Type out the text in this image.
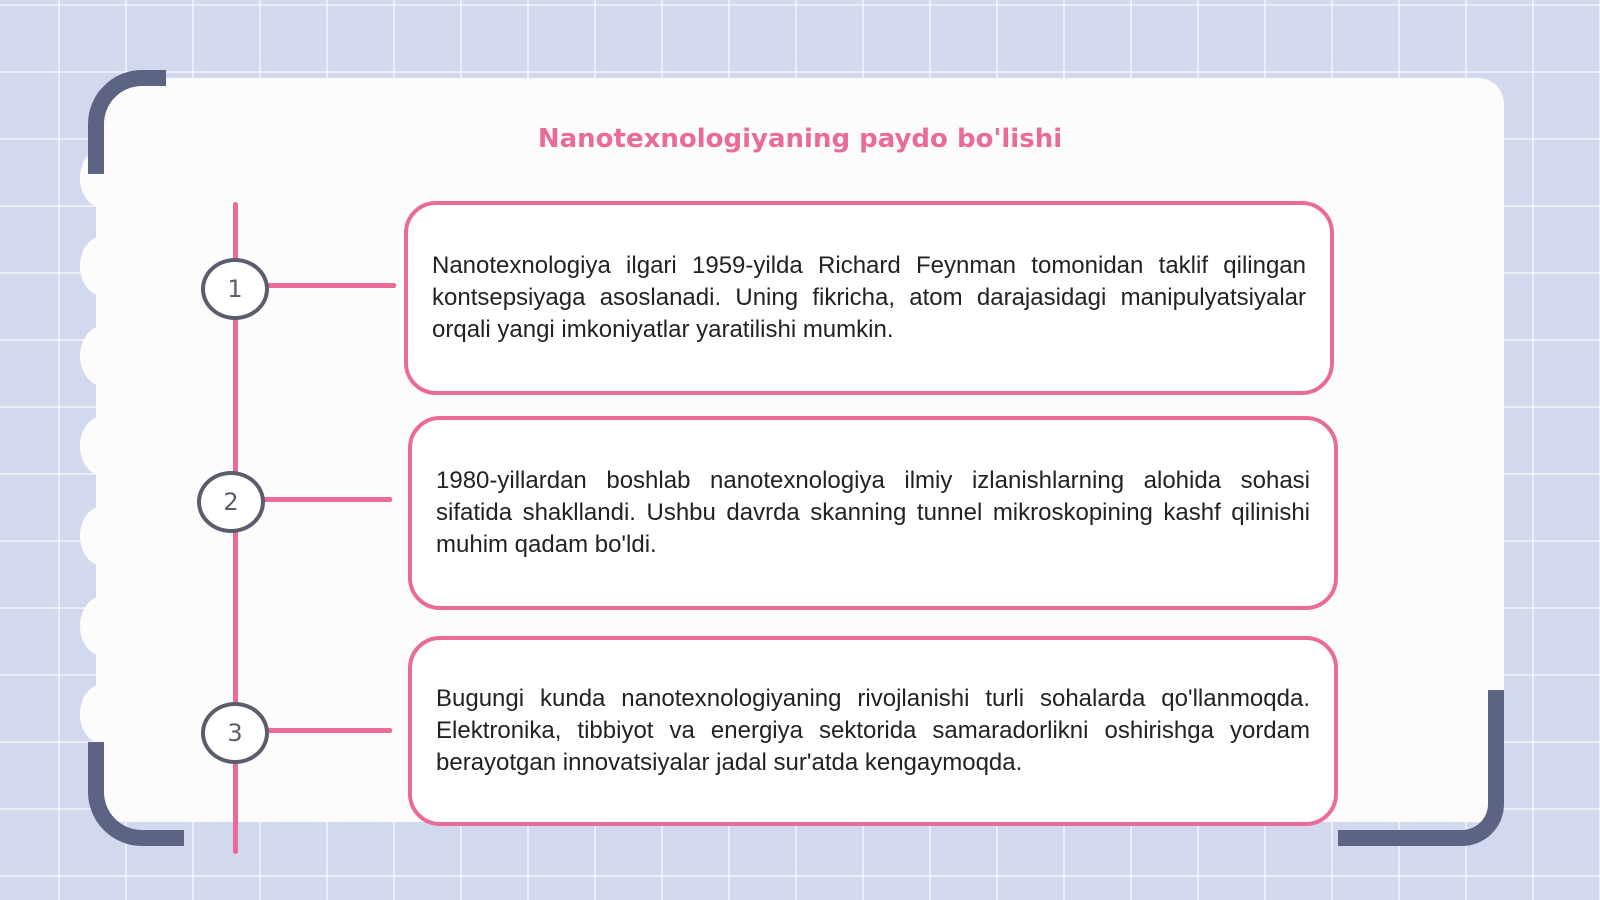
Nanotexnologiyaning paydo bo'lishi
1
2
3

Nanotexnologiya ilgari 1959-yilda Richard Feynman tomonidan taklif qilingan kontsepsiyaga asoslanadi. Uning fikricha, atom darajasidagi manipulyatsiyalar orqali yangi imkoniyatlar yaratilishi mumkin.

1980-yillardan boshlab nanotexnologiya ilmiy izlanishlarning alohida sohasi sifatida shakllandi. Ushbu davrda skanning tunnel mikroskopining kashf qilinishi muhim qadam bo'ldi.

Bugungi kunda nanotexnologiyaning rivojlanishi turli sohalarda qo'llanmoqda. Elektronika, tibbiyot va energiya sektorida samaradorlikni oshirishga yordam berayotgan innovatsiyalar jadal sur'atda kengaymoqda.
